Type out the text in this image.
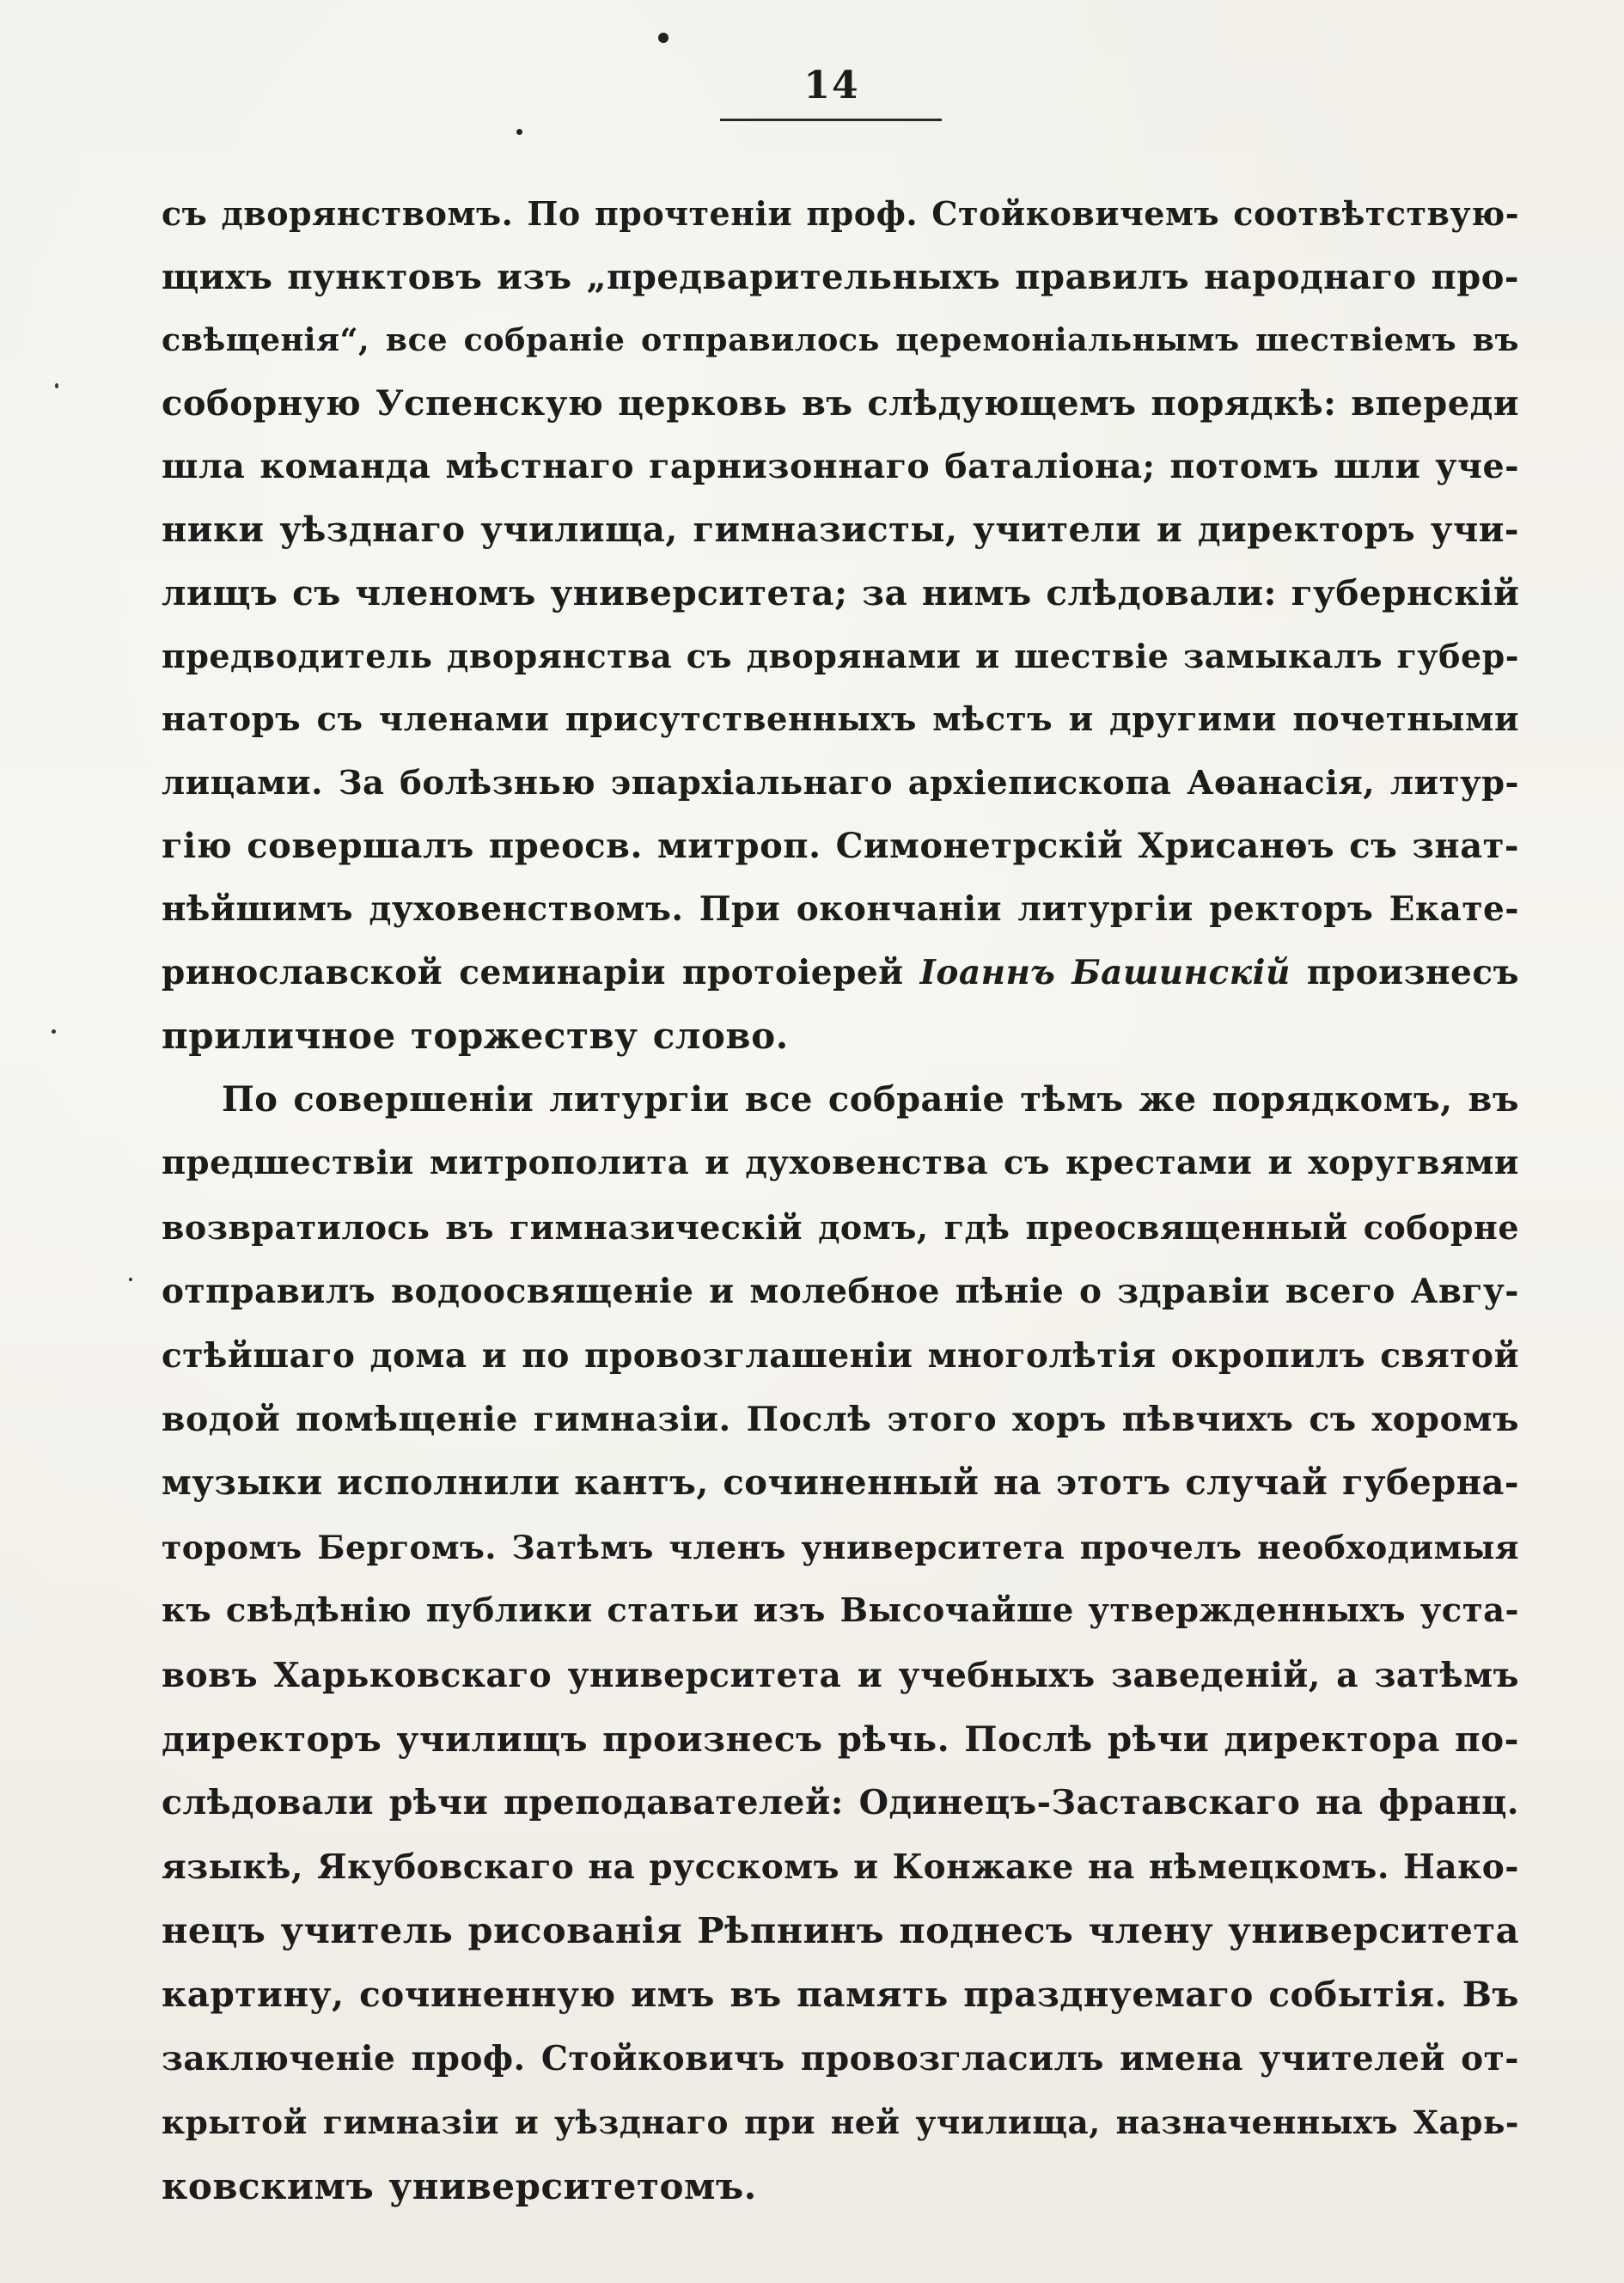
14
съ дворянствомъ. По прочтенiи проф. Стойковичемъ соотвѣтствую-
щихъ пунктовъ изъ „предварительныхъ правилъ народнаго про-
свѣщенiя“, все собранiе отправилось церемонiальнымъ шествiемъ въ
соборную Успенскую церковь въ слѣдующемъ порядкѣ: впереди
шла команда мѣстнаго гарнизоннаго баталiона; потомъ шли уче-
ники уѣзднаго училища, гимназисты, учители и директоръ учи-
лищъ съ членомъ университета; за нимъ слѣдовали: губернскiй
предводитель дворянства съ дворянами и шествiе замыкалъ губер-
наторъ съ членами присутственныхъ мѣстъ и другими почетными
лицами. За болѣзнью эпархiальнаго архiепископа Аѳанасiя, литур-
гiю совершалъ преосв. митроп. Симонетрскiй Хрисанѳъ съ знат-
нѣйшимъ духовенствомъ. При окончанiи литургiи ректоръ Екате-
ринославской семинарiи протоiерей Iоаннъ Башинскiй произнесъ
приличное торжеству слово.
По совершенiи литургiи все собранiе тѣмъ же порядкомъ, въ
предшествiи митрополита и духовенства съ крестами и хоругвями
возвратилось въ гимназическiй домъ, гдѣ преосвященный соборне
отправилъ водоосвященiе и молебное пѣнiе о здравiи всего Авгу-
стѣйшаго дома и по провозглашенiи многолѣтiя окропилъ святой
водой помѣщенiе гимназiи. Послѣ этого хоръ пѣвчихъ съ хоромъ
музыки исполнили кантъ, сочиненный на этотъ случай губерна-
торомъ Бергомъ. Затѣмъ членъ университета прочелъ необходимыя
къ свѣдѣнiю публики статьи изъ Высочайше утвержденныхъ уста-
вовъ Харьковскаго университета и учебныхъ заведенiй, а затѣмъ
директоръ училищъ произнесъ рѣчь. Послѣ рѣчи директора по-
слѣдовали рѣчи преподавателей: Одинецъ-Заставскаго на франц.
языкѣ, Якубовскаго на русскомъ и Конжаке на нѣмецкомъ. Нако-
нецъ учитель рисованiя Рѣпнинъ поднесъ члену университета
картину, сочиненную имъ въ память празднуемаго событiя. Въ
заключенiе проф. Стойковичъ провозгласилъ имена учителей от-
крытой гимназiи и уѣзднаго при ней училища, назначенныхъ Харь-
ковскимъ университетомъ.
